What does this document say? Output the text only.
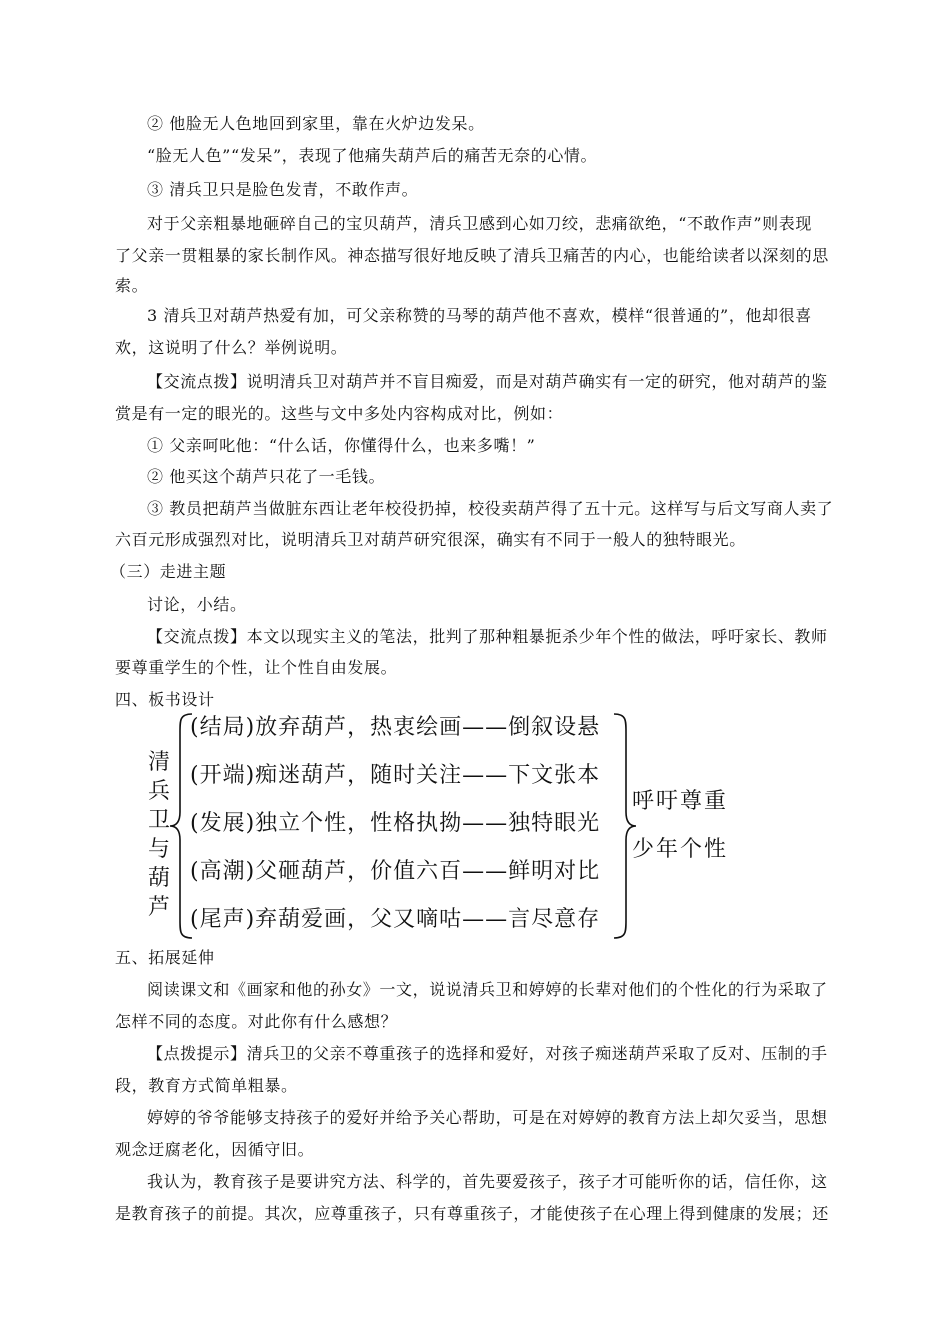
② 他脸无人色地回到家里，靠在火炉边发呆。
“脸无人色”“发呆”，表现了他痛失葫芦后的痛苦无奈的心情。
③ 清兵卫只是脸色发青，不敢作声。
对于父亲粗暴地砸碎自己的宝贝葫芦，清兵卫感到心如刀绞，悲痛欲绝，“不敢作声”则表现
了父亲一贯粗暴的家长制作风。神态描写很好地反映了清兵卫痛苦的内心，也能给读者以深刻的思
索。
3 清兵卫对葫芦热爱有加，可父亲称赞的马琴的葫芦他不喜欢，模样“很普通的”，他却很喜
欢，这说明了什么？举例说明。
【交流点拨】说明清兵卫对葫芦并不盲目痴爱，而是对葫芦确实有一定的研究，他对葫芦的鉴
赏是有一定的眼光的。这些与文中多处内容构成对比，例如：
① 父亲呵叱他：“什么话，你懂得什么，也来多嘴！”
② 他买这个葫芦只花了一毛钱。
③ 教员把葫芦当做脏东西让老年校役扔掉，校役卖葫芦得了五十元。这样写与后文写商人卖了
六百元形成强烈对比，说明清兵卫对葫芦研究很深，确实有不同于一般人的独特眼光。
（三）走进主题
讨论，小结。
【交流点拨】本文以现实主义的笔法，批判了那种粗暴扼杀少年个性的做法，呼吁家长、教师
要尊重学生的个性，让个性自由发展。
四、板书设计
清
兵
卫
与
葫
芦
(结局)放弃葫芦，热衷绘画——倒叙设悬
(开端)痴迷葫芦，随时关注——下文张本
(发展)独立个性，性格执拗——独特眼光
(高潮)父砸葫芦，价值六百——鲜明对比
(尾声)弃葫爱画，父又嘀咕——言尽意存
呼吁尊重
少年个性
五、拓展延伸
阅读课文和《画家和他的孙女》一文，说说清兵卫和婷婷的长辈对他们的个性化的行为采取了
怎样不同的态度。对此你有什么感想？
【点拨提示】清兵卫的父亲不尊重孩子的选择和爱好，对孩子痴迷葫芦采取了反对、压制的手
段，教育方式简单粗暴。
婷婷的爷爷能够支持孩子的爱好并给予关心帮助，可是在对婷婷的教育方法上却欠妥当，思想
观念迂腐老化，因循守旧。
我认为，教育孩子是要讲究方法、科学的，首先要爱孩子，孩子才可能听你的话，信任你，这
是教育孩子的前提。其次，应尊重孩子，只有尊重孩子，才能使孩子在心理上得到健康的发展；还
